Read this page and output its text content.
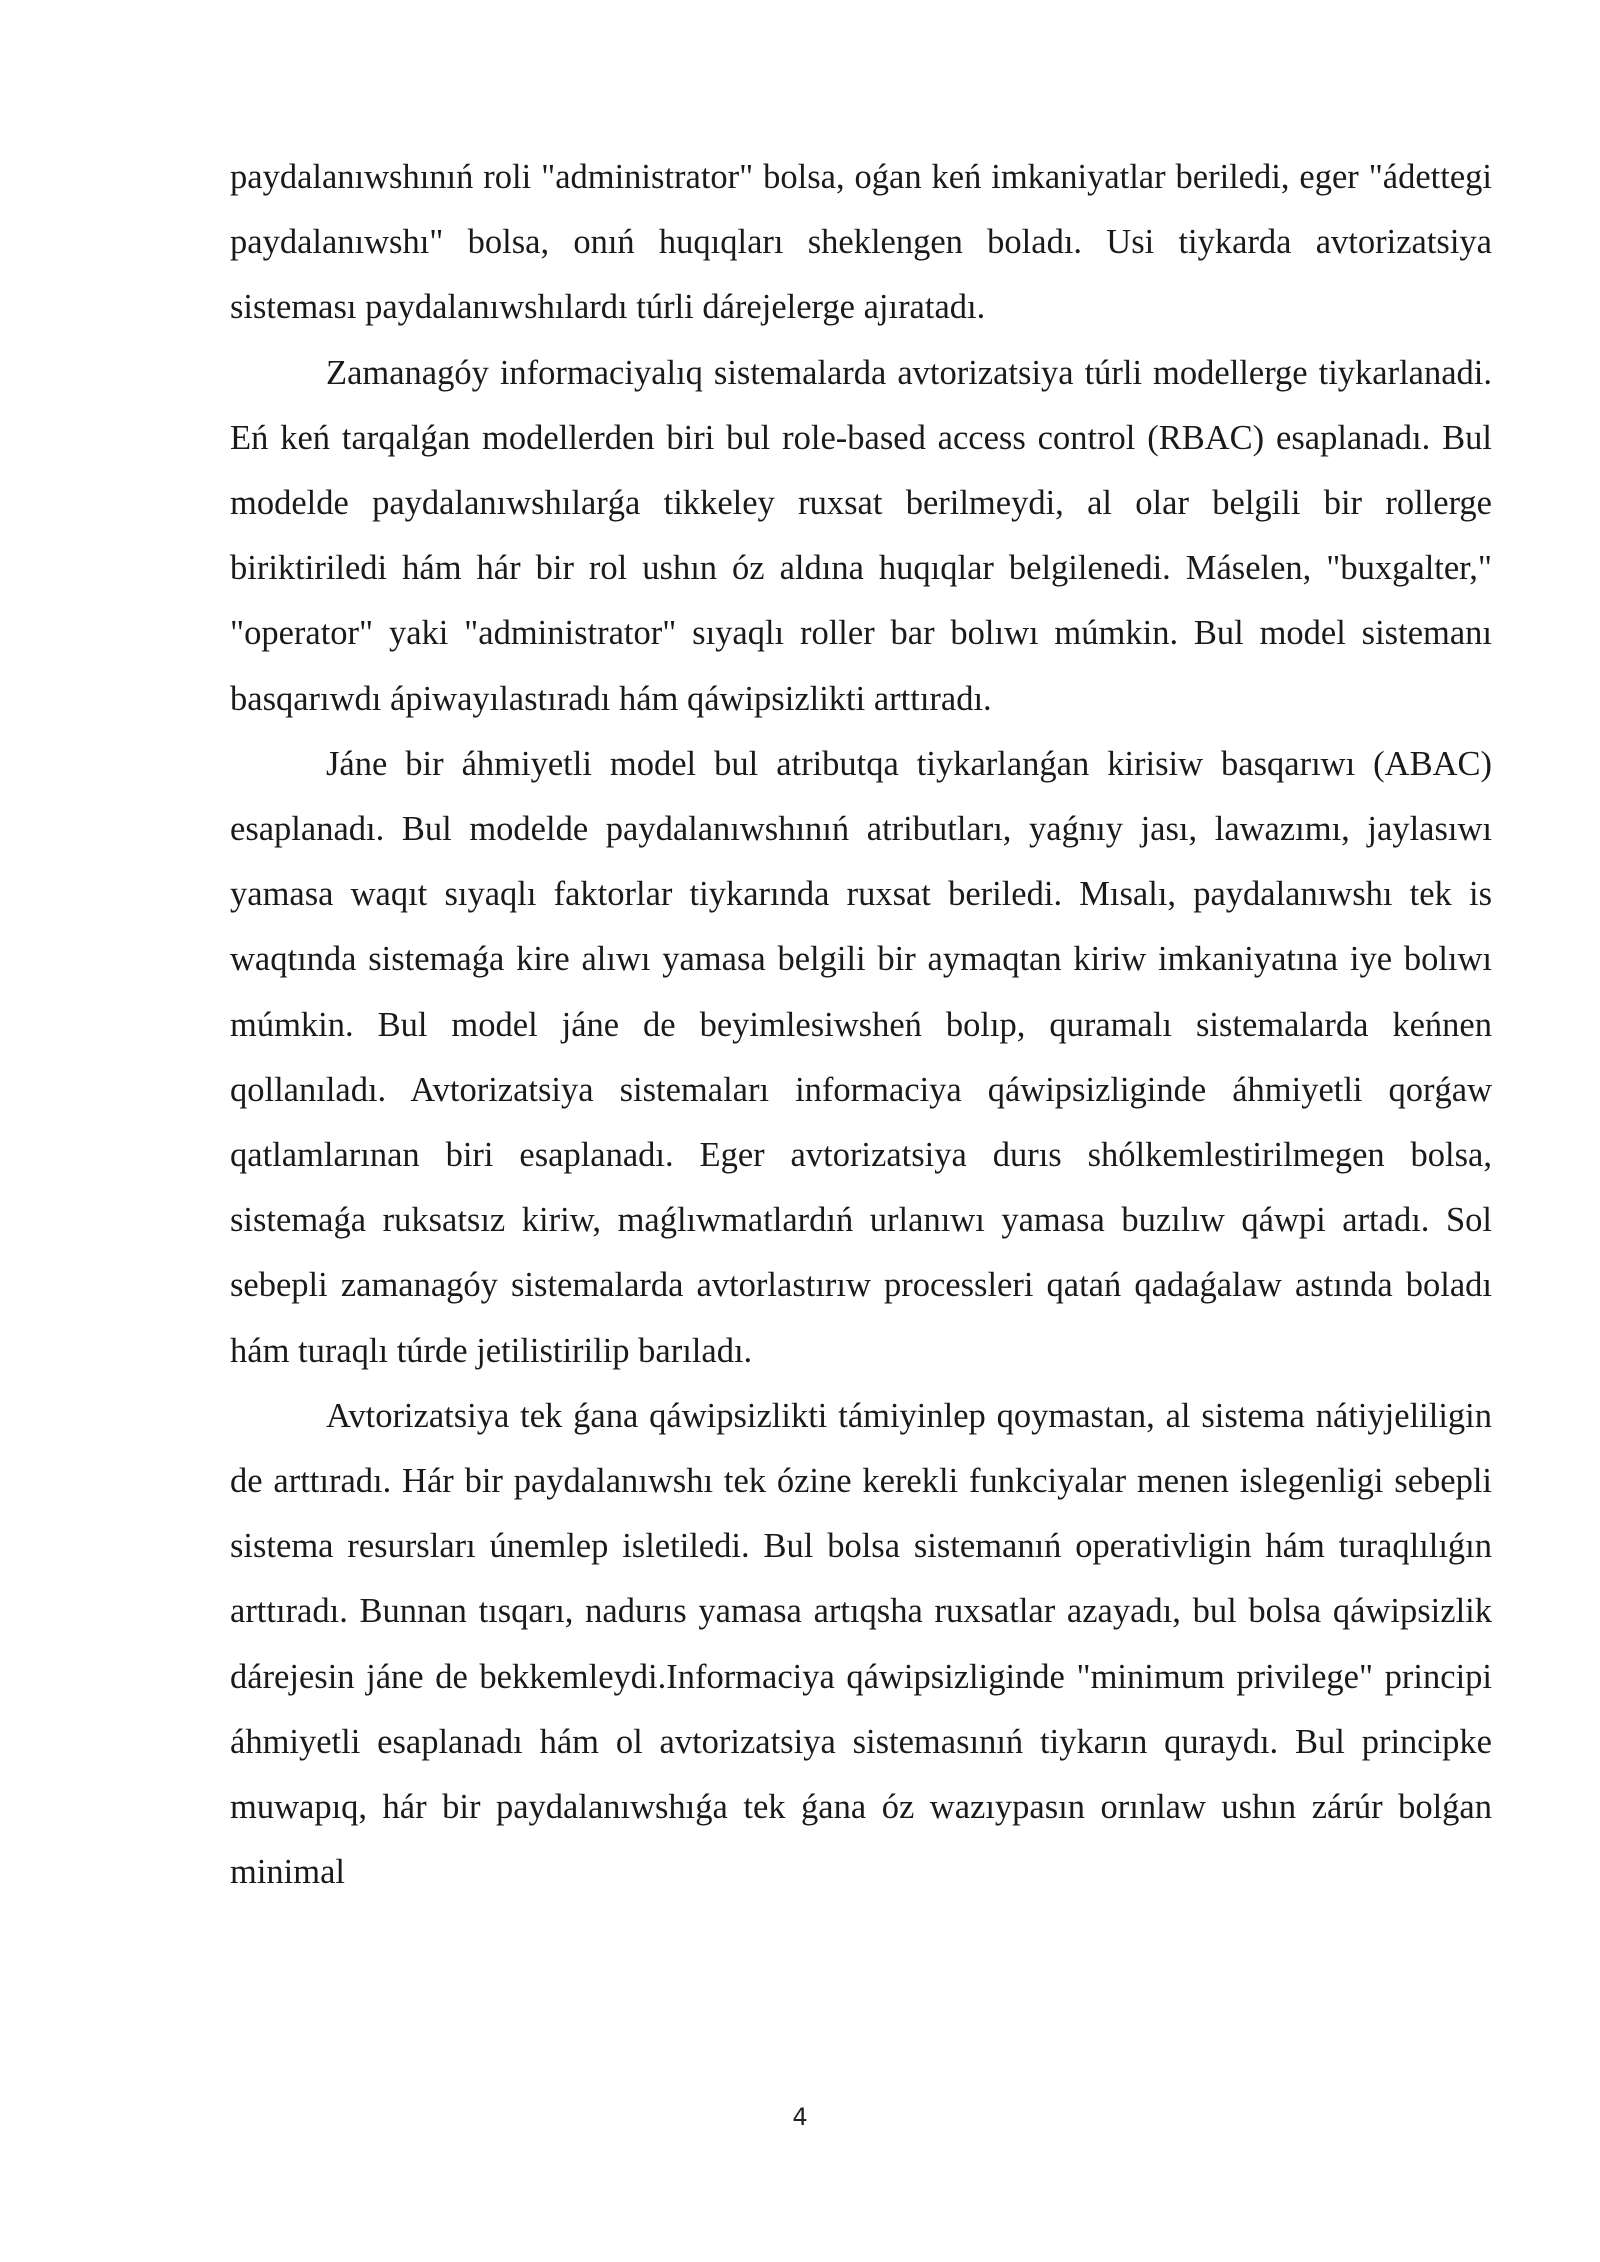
paydalanıwshınıń roli "administrator" bolsa, oǵan keń imkaniyatlar beriledi, eger "ádettegi paydalanıwshı" bolsa, onıń huqıqları sheklengen boladı. Usi tiykarda avtorizatsiya sisteması paydalanıwshılardı túrli dárejelerge ajıratadı.

Zamanagóy informaciyalıq sistemalarda avtorizatsiya túrli modellerge tiykarlanadi. Eń keń tarqalǵan modellerden biri bul role-based access control (RBAC) esaplanadı. Bul modelde paydalanıwshılarǵa tikkeley ruxsat berilmeydi, al olar belgili bir rollerge biriktiriledi hám hár bir rol ushın óz aldına huqıqlar belgilenedi. Máselen, "buxgalter," "operator" yaki "administrator" sıyaqlı roller bar bolıwı múmkin. Bul model sistemanı basqarıwdı ápiwayılastıradı hám qáwipsizlikti arttıradı.

Jáne bir áhmiyetli model bul atributqa tiykarlanǵan kirisiw basqarıwı (ABAC) esaplanadı. Bul modelde paydalanıwshınıń atributları, yaǵnıy jası, lawazımı, jaylasıwı yamasa waqıt sıyaqlı faktorlar tiykarında ruxsat beriledi. Mısalı, paydalanıwshı tek is waqtında sistemaǵa kire alıwı yamasa belgili bir aymaqtan kiriw imkaniyatına iye bolıwı múmkin. Bul model jáne de beyimlesiwsheń bolıp, quramalı sistemalarda keńnen qollanıladı. Avtorizatsiya sistemaları informaciya qáwipsizliginde áhmiyetli qorǵaw qatlamlarınan biri esaplanadı. Eger avtorizatsiya durıs shólkemlestirilmegen bolsa, sistemaǵa ruksatsız kiriw, maǵlıwmatlardıń urlanıwı yamasa buzılıw qáwpi artadı. Sol sebepli zamanagóy sistemalarda avtorlastırıw processleri qatań qadaǵalaw astında boladı hám turaqlı túrde jetilistirilip barıladı.

Avtorizatsiya tek ǵana qáwipsizlikti támiyinlep qoymastan, al sistema nátiyjeliligin de arttıradı. Hár bir paydalanıwshı tek ózine kerekli funkciyalar menen islegenligi sebepli sistema resursları únemlep isletiledi. Bul bolsa sistemanıń operativligin hám turaqlılıǵın arttıradı. Bunnan tısqarı, nadurıs yamasa artıqsha ruxsatlar azayadı, bul bolsa qáwipsizlik dárejesin jáne de bekkemleydi.Informaciya qáwipsizliginde "minimum privilege" principi áhmiyetli esaplanadı hám ol avtorizatsiya sistemasınıń tiykarın quraydı. Bul principke muwapıq, hár bir paydalanıwshıǵa tek ǵana óz wazıypasın orınlaw ushın zárúr bolǵan minimal

4
